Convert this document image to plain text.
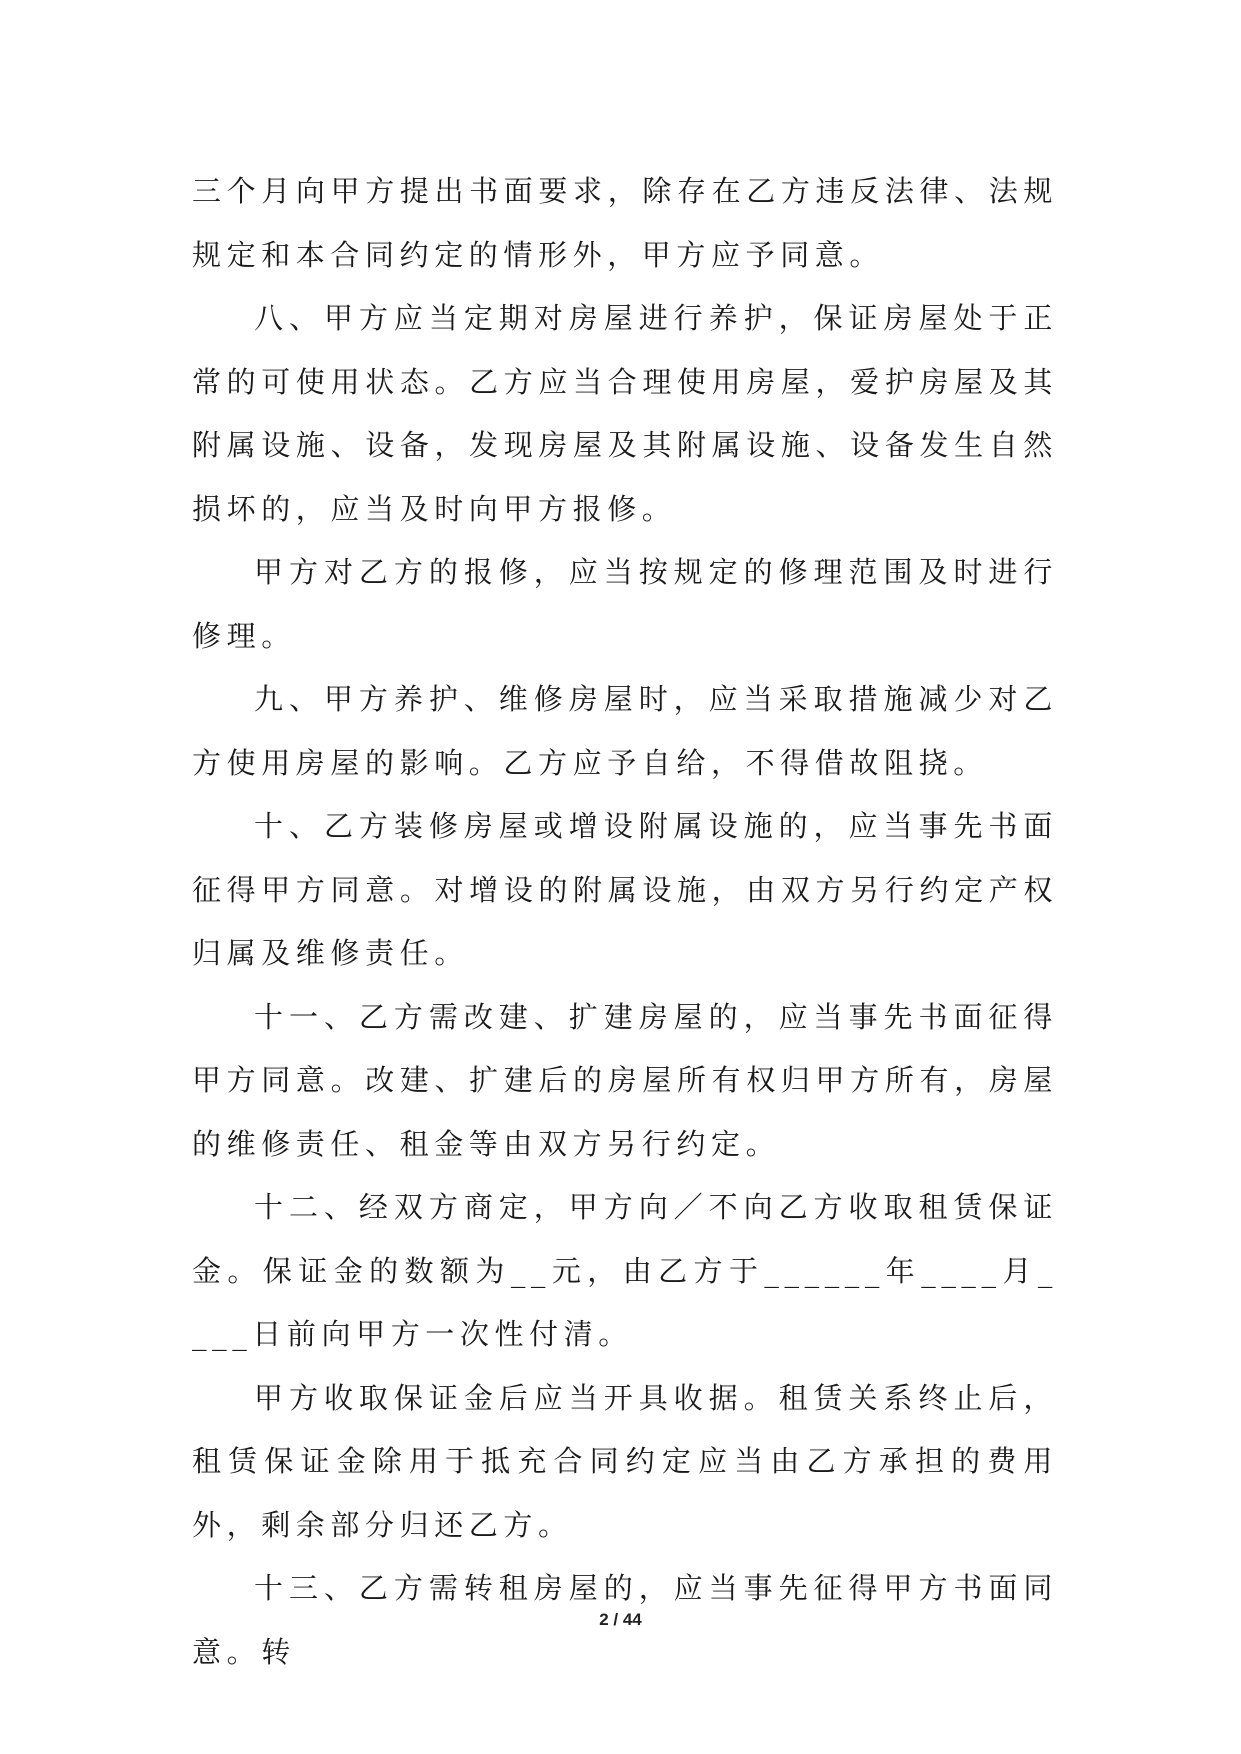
三个月向甲方提出书面要求，除存在乙方违反法律、法规规定和本合同约定的情形外，甲方应予同意。

八、甲方应当定期对房屋进行养护，保证房屋处于正常的可使用状态。乙方应当合理使用房屋，爱护房屋及其附属设施、设备，发现房屋及其附属设施、设备发生自然损坏的，应当及时向甲方报修。

甲方对乙方的报修，应当按规定的修理范围及时进行修理。

九、甲方养护、维修房屋时，应当采取措施减少对乙方使用房屋的影响。乙方应予自给，不得借故阻挠。

十、乙方装修房屋或增设附属设施的，应当事先书面征得甲方同意。对增设的附属设施，由双方另行约定产权归属及维修责任。

十一、乙方需改建、扩建房屋的，应当事先书面征得甲方同意。改建、扩建后的房屋所有权归甲方所有，房屋的维修责任、租金等由双方另行约定。

十二、经双方商定，甲方向／不向乙方收取租赁保证金。保证金的数额为__元，由乙方于______年____月____日前向甲方一次性付清。

甲方收取保证金后应当开具收据。租赁关系终止后，租赁保证金除用于抵充合同约定应当由乙方承担的费用外，剩余部分归还乙方。

十三、乙方需转租房屋的，应当事先征得甲方书面同意。转

2 / 44
